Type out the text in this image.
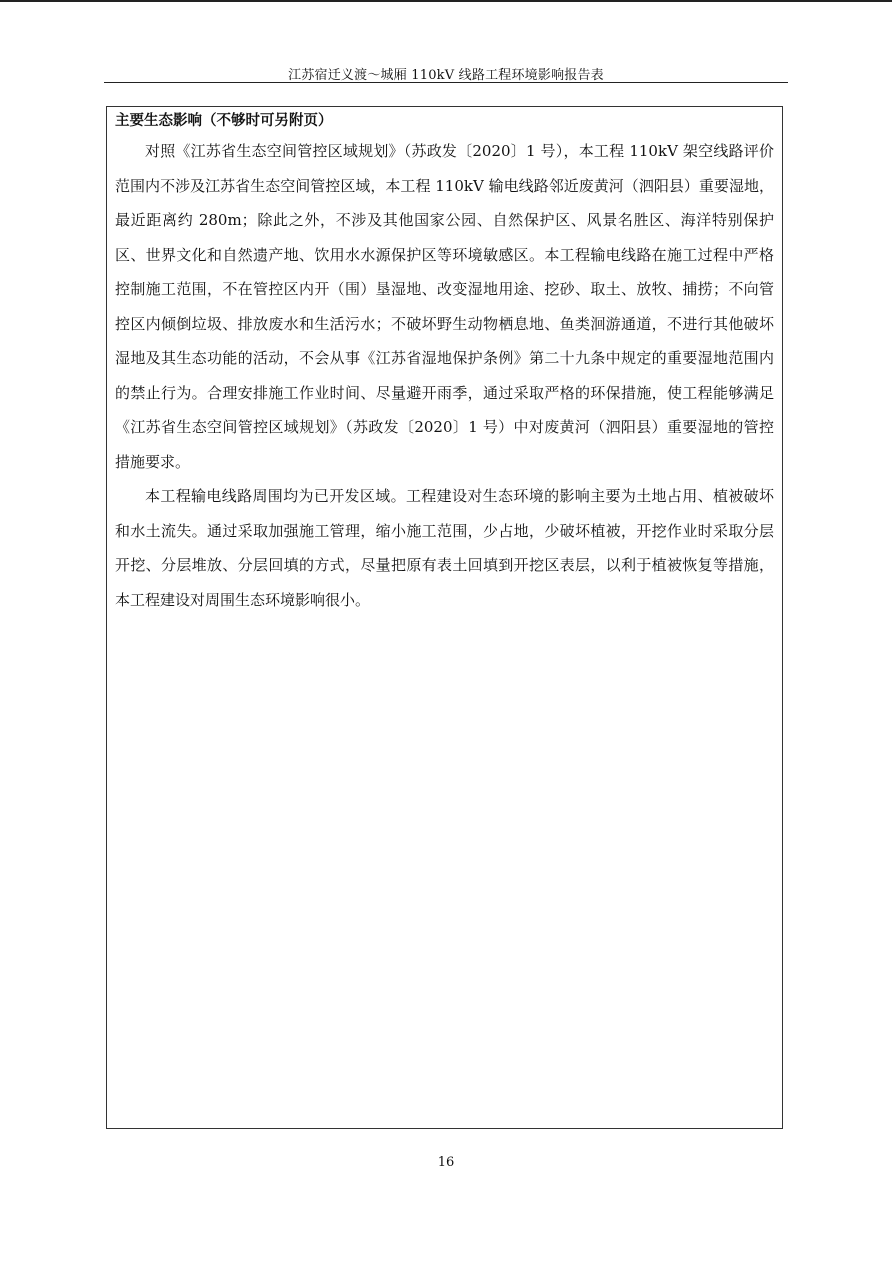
江苏宿迁义渡～城厢 110kV 线路工程环境影响报告表

主要生态影响（不够时可另附页）

对照《江苏省生态空间管控区域规划》（苏政发〔2020〕1 号），本工程 110kV 架空线路评价范围内不涉及江苏省生态空间管控区域，本工程 110kV 输电线路邻近废黄河（泗阳县）重要湿地，最近距离约 280m；除此之外，不涉及其他国家公园、自然保护区、风景名胜区、海洋特别保护区、世界文化和自然遗产地、饮用水水源保护区等环境敏感区。本工程输电线路在施工过程中严格控制施工范围，不在管控区内开（围）垦湿地、改变湿地用途、挖砂、取土、放牧、捕捞；不向管控区内倾倒垃圾、排放废水和生活污水；不破坏野生动物栖息地、鱼类洄游通道，不进行其他破坏湿地及其生态功能的活动，不会从事《江苏省湿地保护条例》第二十九条中规定的重要湿地范围内的禁止行为。合理安排施工作业时间、尽量避开雨季，通过采取严格的环保措施，使工程能够满足《江苏省生态空间管控区域规划》（苏政发〔2020〕1 号）中对废黄河（泗阳县）重要湿地的管控措施要求。

本工程输电线路周围均为已开发区域。工程建设对生态环境的影响主要为土地占用、植被破坏和水土流失。通过采取加强施工管理，缩小施工范围，少占地，少破坏植被，开挖作业时采取分层开挖、分层堆放、分层回填的方式，尽量把原有表土回填到开挖区表层，以利于植被恢复等措施，本工程建设对周围生态环境影响很小。

16
